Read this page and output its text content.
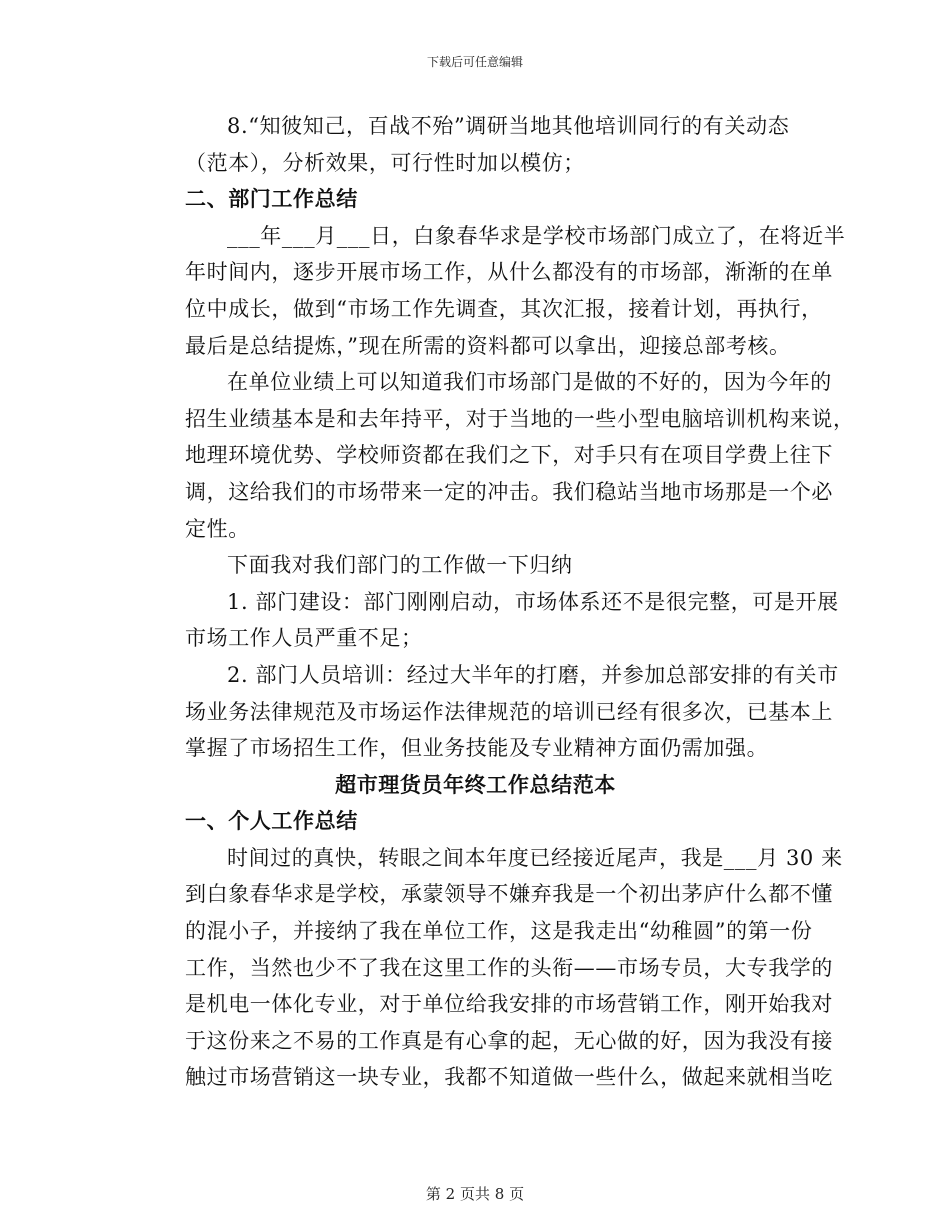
下载后可任意编辑
8.“知彼知己，百战不殆”调研当地其他培训同行的有关动态
（范本），分析效果，可行性时加以模仿；
二、部门工作总结
___年___月___日，白象春华求是学校市场部门成立了，在将近半
年时间内，逐步开展市场工作，从什么都没有的市场部，渐渐的在单
位中成长，做到“市场工作先调查，其次汇报，接着计划，再执行，
最后是总结提炼，”现在所需的资料都可以拿出，迎接总部考核。
在单位业绩上可以知道我们市场部门是做的不好的，因为今年的
招生业绩基本是和去年持平，对于当地的一些小型电脑培训机构来说，
地理环境优势、学校师资都在我们之下，对手只有在项目学费上往下
调，这给我们的市场带来一定的冲击。我们稳站当地市场那是一个必
定性。
下面我对我们部门的工作做一下归纳
1. 部门建设：部门刚刚启动，市场体系还不是很完整，可是开展
市场工作人员严重不足；
2. 部门人员培训：经过大半年的打磨，并参加总部安排的有关市
场业务法律规范及市场运作法律规范的培训已经有很多次，已基本上
掌握了市场招生工作，但业务技能及专业精神方面仍需加强。
超市理货员年终工作总结范本
一、个人工作总结
时间过的真快，转眼之间本年度已经接近尾声，我是___月 30 来
到白象春华求是学校，承蒙领导不嫌弃我是一个初出茅庐什么都不懂
的混小子，并接纳了我在单位工作，这是我走出“幼稚圆”的第一份
工作，当然也少不了我在这里工作的头衔——市场专员，大专我学的
是机电一体化专业，对于单位给我安排的市场营销工作，刚开始我对
于这份来之不易的工作真是有心拿的起，无心做的好，因为我没有接
触过市场营销这一块专业，我都不知道做一些什么，做起来就相当吃
第 2 页共 8 页
